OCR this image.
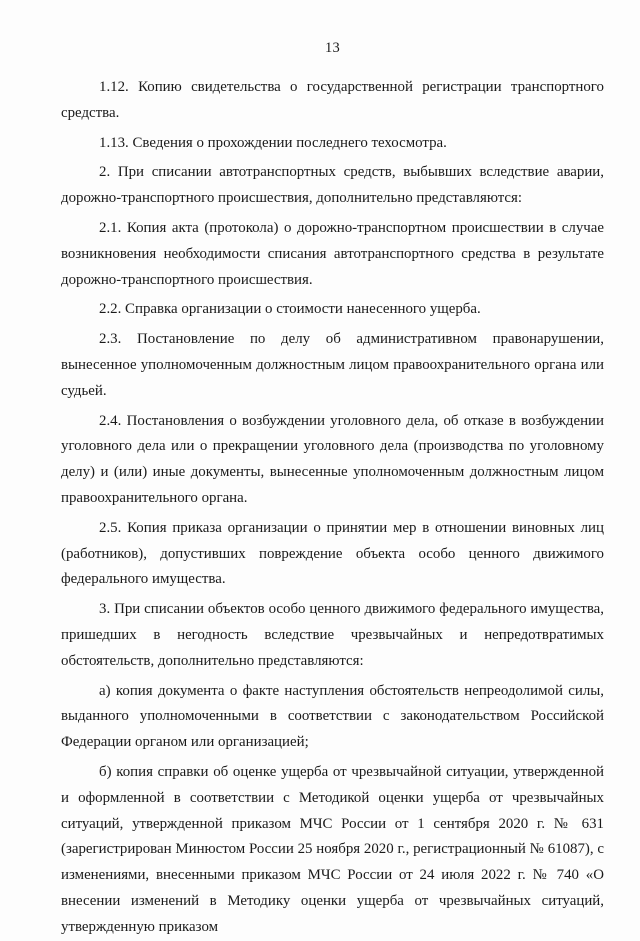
13

1.12. Копию свидетельства о государственной регистрации транспортного средства.

1.13. Сведения о прохождении последнего техосмотра.

2. При списании автотранспортных средств, выбывших вследствие аварии, дорожно-транспортного происшествия, дополнительно представляются:

2.1. Копия акта (протокола) о дорожно-транспортном происшествии в случае возникновения необходимости списания автотранспортного средства в результате дорожно-транспортного происшествия.

2.2. Справка организации о стоимости нанесенного ущерба.

2.3. Постановление по делу об административном правонарушении, вынесенное уполномоченным должностным лицом правоохранительного органа или судьей.

2.4. Постановления о возбуждении уголовного дела, об отказе в возбуждении уголовного дела или о прекращении уголовного дела (производства по уголовному делу) и (или) иные документы, вынесенные уполномоченным должностным лицом правоохранительного органа.

2.5. Копия приказа организации о принятии мер в отношении виновных лиц (работников), допустивших повреждение объекта особо ценного движимого федерального имущества.

3. При списании объектов особо ценного движимого федерального имущества, пришедших в негодность вследствие чрезвычайных и непредотвратимых обстоятельств, дополнительно представляются:

а) копия документа о факте наступления обстоятельств непреодолимой силы, выданного уполномоченными в соответствии с законодательством Российской Федерации органом или организацией;

б) копия справки об оценке ущерба от чрезвычайной ситуации, утвержденной и оформленной в соответствии с Методикой оценки ущерба от чрезвычайных ситуаций, утвержденной приказом МЧС России от 1 сентября 2020 г. № 631 (зарегистрирован Минюстом России 25 ноября 2020 г., регистрационный № 61087), с изменениями, внесенными приказом МЧС России от 24 июля 2022 г. № 740 «О внесении изменений в Методику оценки ущерба от чрезвычайных ситуаций, утвержденную приказом
